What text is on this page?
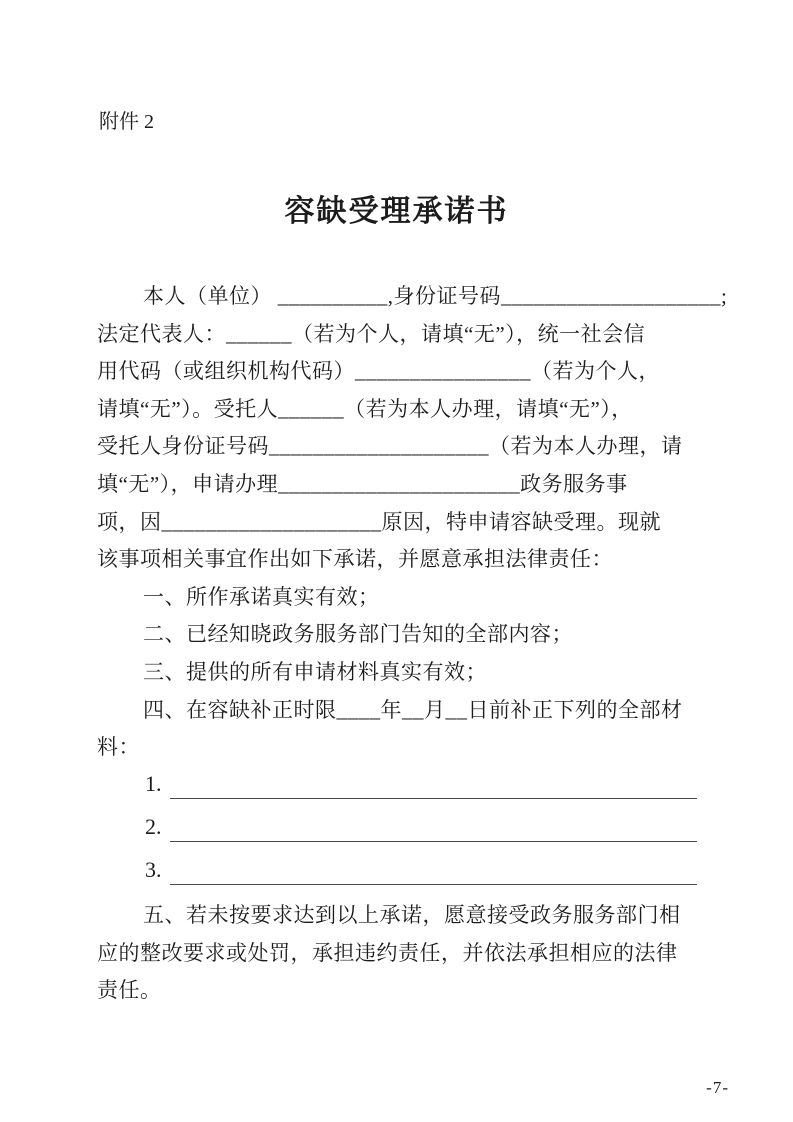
附件 2
容缺受理承诺书
本人（单位） __________,身份证号码____________________;
法定代表人：______（若为个人，请填“无”），统一社会信
用代码（或组织机构代码）________________（若为个人，
请填“无”）。受托人______（若为本人办理，请填“无”），
受托人身份证号码____________________（若为本人办理，请
填“无”），申请办理______________________政务服务事
项，因____________________原因，特申请容缺受理。现就
该事项相关事宜作出如下承诺，并愿意承担法律责任：
一、所作承诺真实有效；
二、已经知晓政务服务部门告知的全部内容；
三、提供的所有申请材料真实有效；
四、在容缺补正时限____年__月__日前补正下列的全部材
料：
1.
2.
3.
五、若未按要求达到以上承诺，愿意接受政务服务部门相
应的整改要求或处罚，承担违约责任，并依法承担相应的法律
责任。
-7-
